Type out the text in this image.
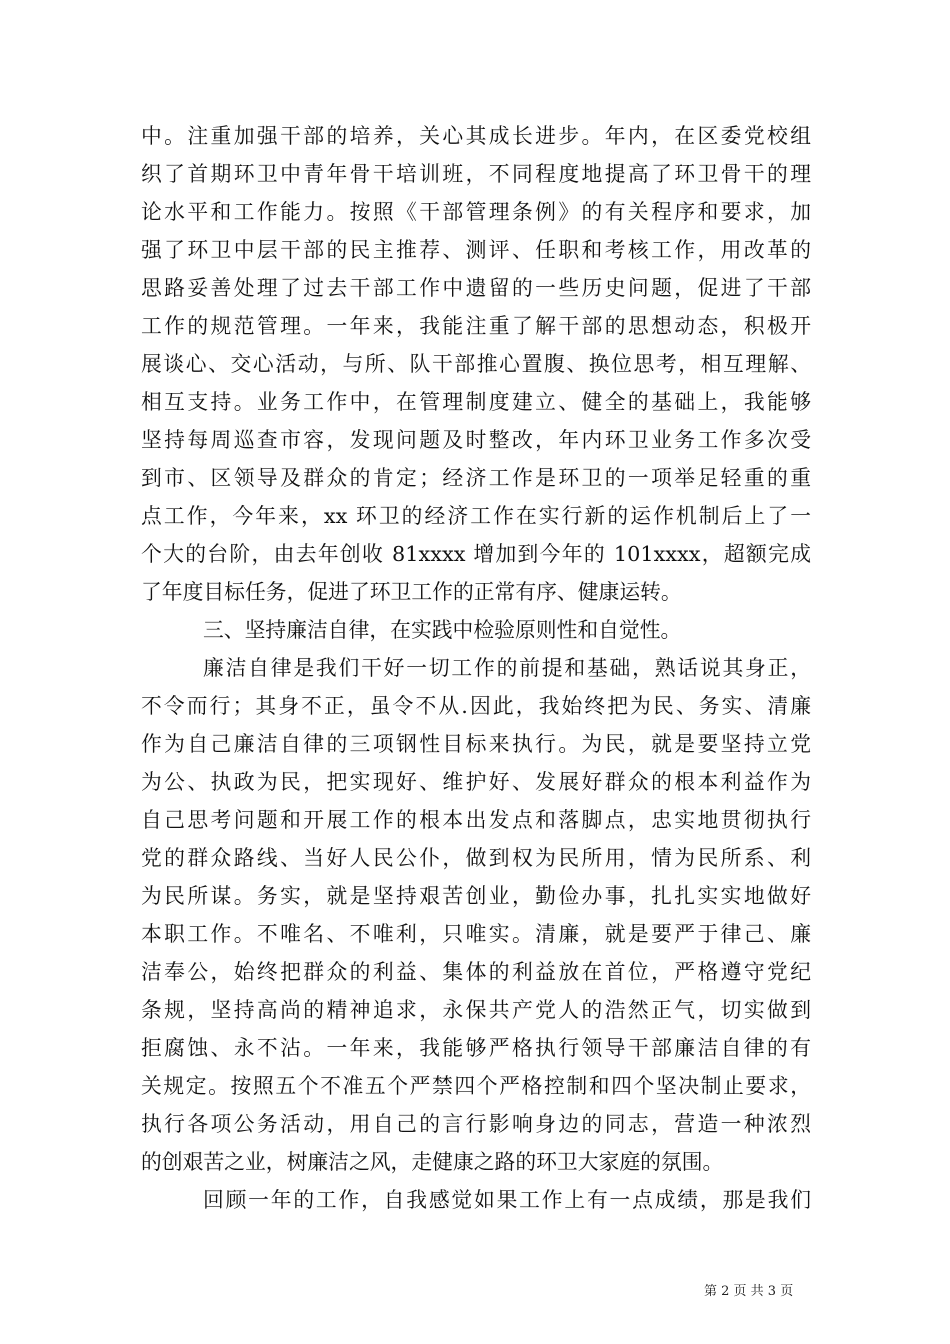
中。注重加强干部的培养，关心其成长进步。年内，在区委党校组
织了首期环卫中青年骨干培训班，不同程度地提高了环卫骨干的理
论水平和工作能力。按照《干部管理条例》的有关程序和要求，加
强了环卫中层干部的民主推荐、测评、任职和考核工作，用改革的
思路妥善处理了过去干部工作中遗留的一些历史问题，促进了干部
工作的规范管理。一年来，我能注重了解干部的思想动态，积极开
展谈心、交心活动，与所、队干部推心置腹、换位思考，相互理解、
相互支持。业务工作中，在管理制度建立、健全的基础上，我能够
坚持每周巡查市容，发现问题及时整改，年内环卫业务工作多次受
到市、区领导及群众的肯定；经济工作是环卫的一项举足轻重的重
点工作，今年来，xx 环卫的经济工作在实行新的运作机制后上了一
个大的台阶，由去年创收 81xxxx 增加到今年的 101xxxx，超额完成
了年度目标任务，促进了环卫工作的正常有序、健康运转。
三、坚持廉洁自律，在实践中检验原则性和自觉性。
廉洁自律是我们干好一切工作的前提和基础，熟话说其身正，
不令而行；其身不正，虽令不从.因此，我始终把为民、务实、清廉
作为自己廉洁自律的三项钢性目标来执行。为民，就是要坚持立党
为公、执政为民，把实现好、维护好、发展好群众的根本利益作为
自己思考问题和开展工作的根本出发点和落脚点，忠实地贯彻执行
党的群众路线、当好人民公仆，做到权为民所用，情为民所系、利
为民所谋。务实，就是坚持艰苦创业，勤俭办事，扎扎实实地做好
本职工作。不唯名、不唯利，只唯实。清廉，就是要严于律己、廉
洁奉公，始终把群众的利益、集体的利益放在首位，严格遵守党纪
条规，坚持高尚的精神追求，永保共产党人的浩然正气，切实做到
拒腐蚀、永不沾。一年来，我能够严格执行领导干部廉洁自律的有
关规定。按照五个不准五个严禁四个严格控制和四个坚决制止要求，
执行各项公务活动，用自己的言行影响身边的同志，营造一种浓烈
的创艰苦之业，树廉洁之风，走健康之路的环卫大家庭的氛围。
回顾一年的工作，自我感觉如果工作上有一点成绩，那是我们
第 2 页 共 3 页
